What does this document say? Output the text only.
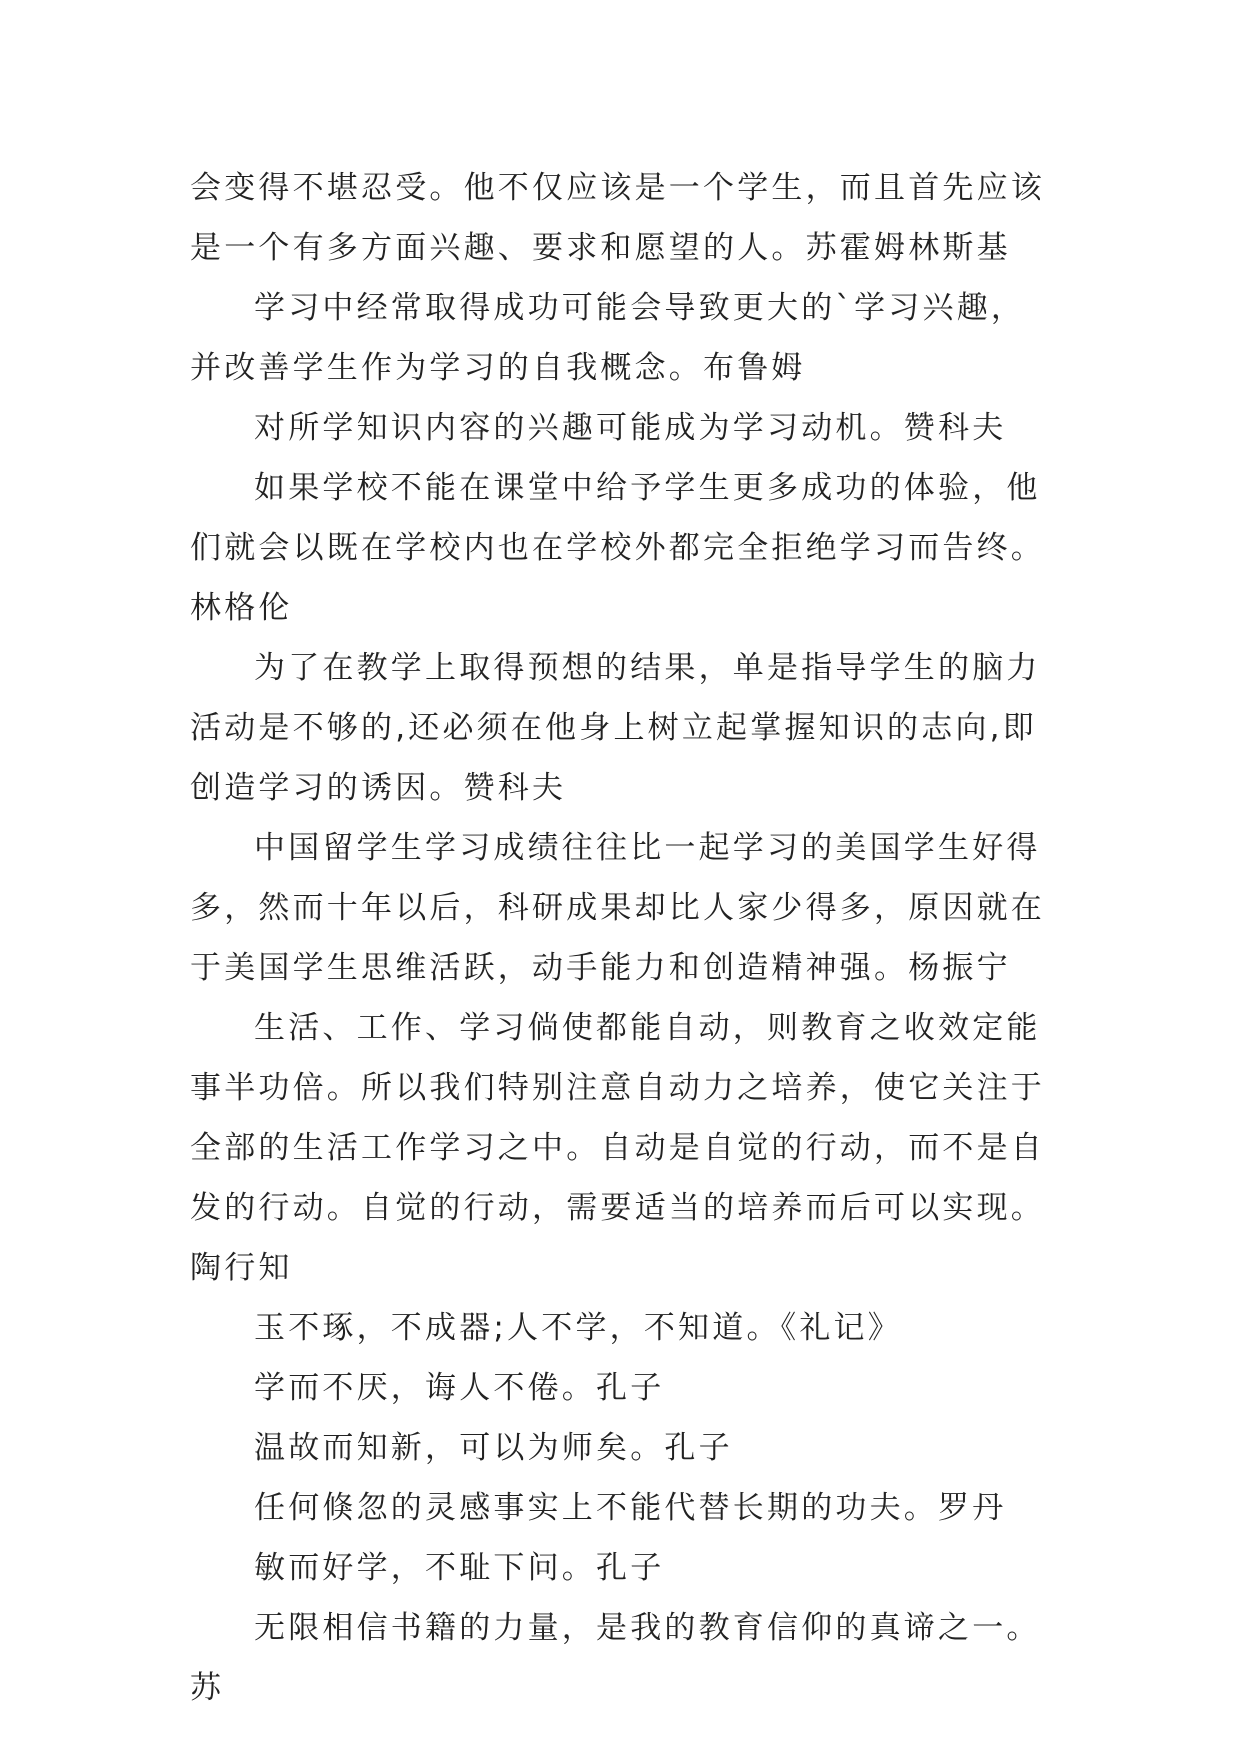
会变得不堪忍受。他不仅应该是一个学生，而且首先应该是一个有多方面兴趣、要求和愿望的人。苏霍姆林斯基

学习中经常取得成功可能会导致更大的`学习兴趣，并改善学生作为学习的自我概念。布鲁姆

对所学知识内容的兴趣可能成为学习动机。赞科夫

如果学校不能在课堂中给予学生更多成功的体验，他们就会以既在学校内也在学校外都完全拒绝学习而告终。林格伦

为了在教学上取得预想的结果，单是指导学生的脑力活动是不够的,还必须在他身上树立起掌握知识的志向,即创造学习的诱因。赞科夫

中国留学生学习成绩往往比一起学习的美国学生好得多，然而十年以后，科研成果却比人家少得多，原因就在于美国学生思维活跃，动手能力和创造精神强。杨振宁

生活、工作、学习倘使都能自动，则教育之收效定能事半功倍。所以我们特别注意自动力之培养，使它关注于全部的生活工作学习之中。自动是自觉的行动，而不是自发的行动。自觉的行动，需要适当的培养而后可以实现。陶行知

玉不琢，不成器;人不学，不知道。《礼记》

学而不厌，诲人不倦。孔子

温故而知新，可以为师矣。孔子

任何倏忽的灵感事实上不能代替长期的功夫。罗丹

敏而好学，不耻下问。孔子

无限相信书籍的力量，是我的教育信仰的真谛之一。苏
